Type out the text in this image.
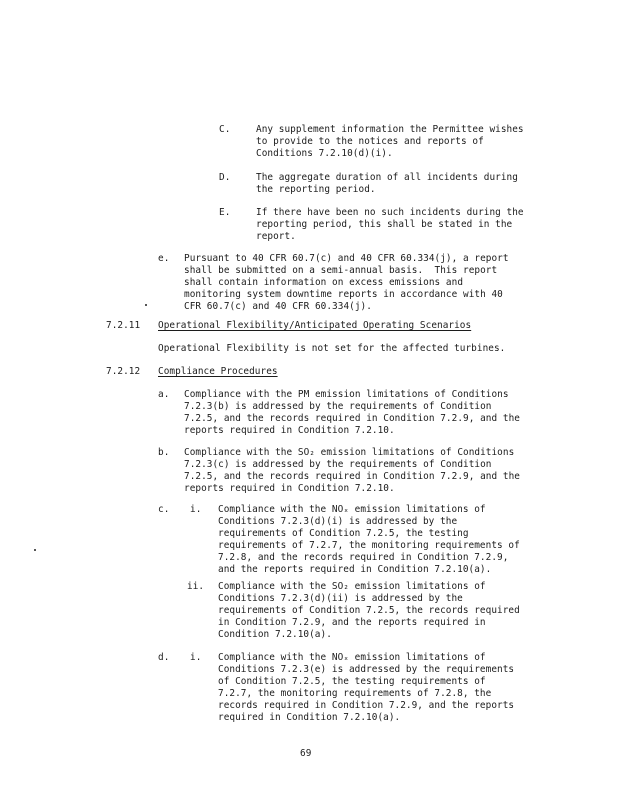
C.	Any supplement information the Permittee wishes
to provide to the notices and reports of
Conditions 7.2.10(d)(i).
D.	The aggregate duration of all incidents during
the reporting period.
E.	If there have been no such incidents during the
reporting period, this shall be stated in the
report.
e. Pursuant to 40 CFR 60.7(c) and 40 CFR 60.334(j), a report
shall be submitted on a semi-annual basis.  This report
shall contain information on excess emissions and
monitoring system downtime reports in accordance with 40
CFR 60.7(c) and 40 CFR 60.334(j).
7.2.11 Operational Flexibility/Anticipated Operating Scenarios
Operational Flexibility is not set for the affected turbines.
7.2.12 Compliance Procedures
a. Compliance with the PM emission limitations of Conditions
7.2.3(b) is addressed by the requirements of Condition
7.2.5, and the records required in Condition 7.2.9, and the
reports required in Condition 7.2.10.
b. Compliance with the SO₂ emission limitations of Conditions
7.2.3(c) is addressed by the requirements of Condition
7.2.5, and the records required in Condition 7.2.9, and the
reports required in Condition 7.2.10.
c. i. Compliance with the NOₓ emission limitations of
Conditions 7.2.3(d)(i) is addressed by the
requirements of Condition 7.2.5, the testing
requirements of 7.2.7, the monitoring requirements of
7.2.8, and the records required in Condition 7.2.9,
and the reports required in Condition 7.2.10(a).
ii. Compliance with the SO₂ emission limitations of
Conditions 7.2.3(d)(ii) is addressed by the
requirements of Condition 7.2.5, the records required
in Condition 7.2.9, and the reports required in
Condition 7.2.10(a).
d. i. Compliance with the NOₓ emission limitations of
Conditions 7.2.3(e) is addressed by the requirements
of Condition 7.2.5, the testing requirements of
7.2.7, the monitoring requirements of 7.2.8, the
records required in Condition 7.2.9, and the reports
required in Condition 7.2.10(a).
69
